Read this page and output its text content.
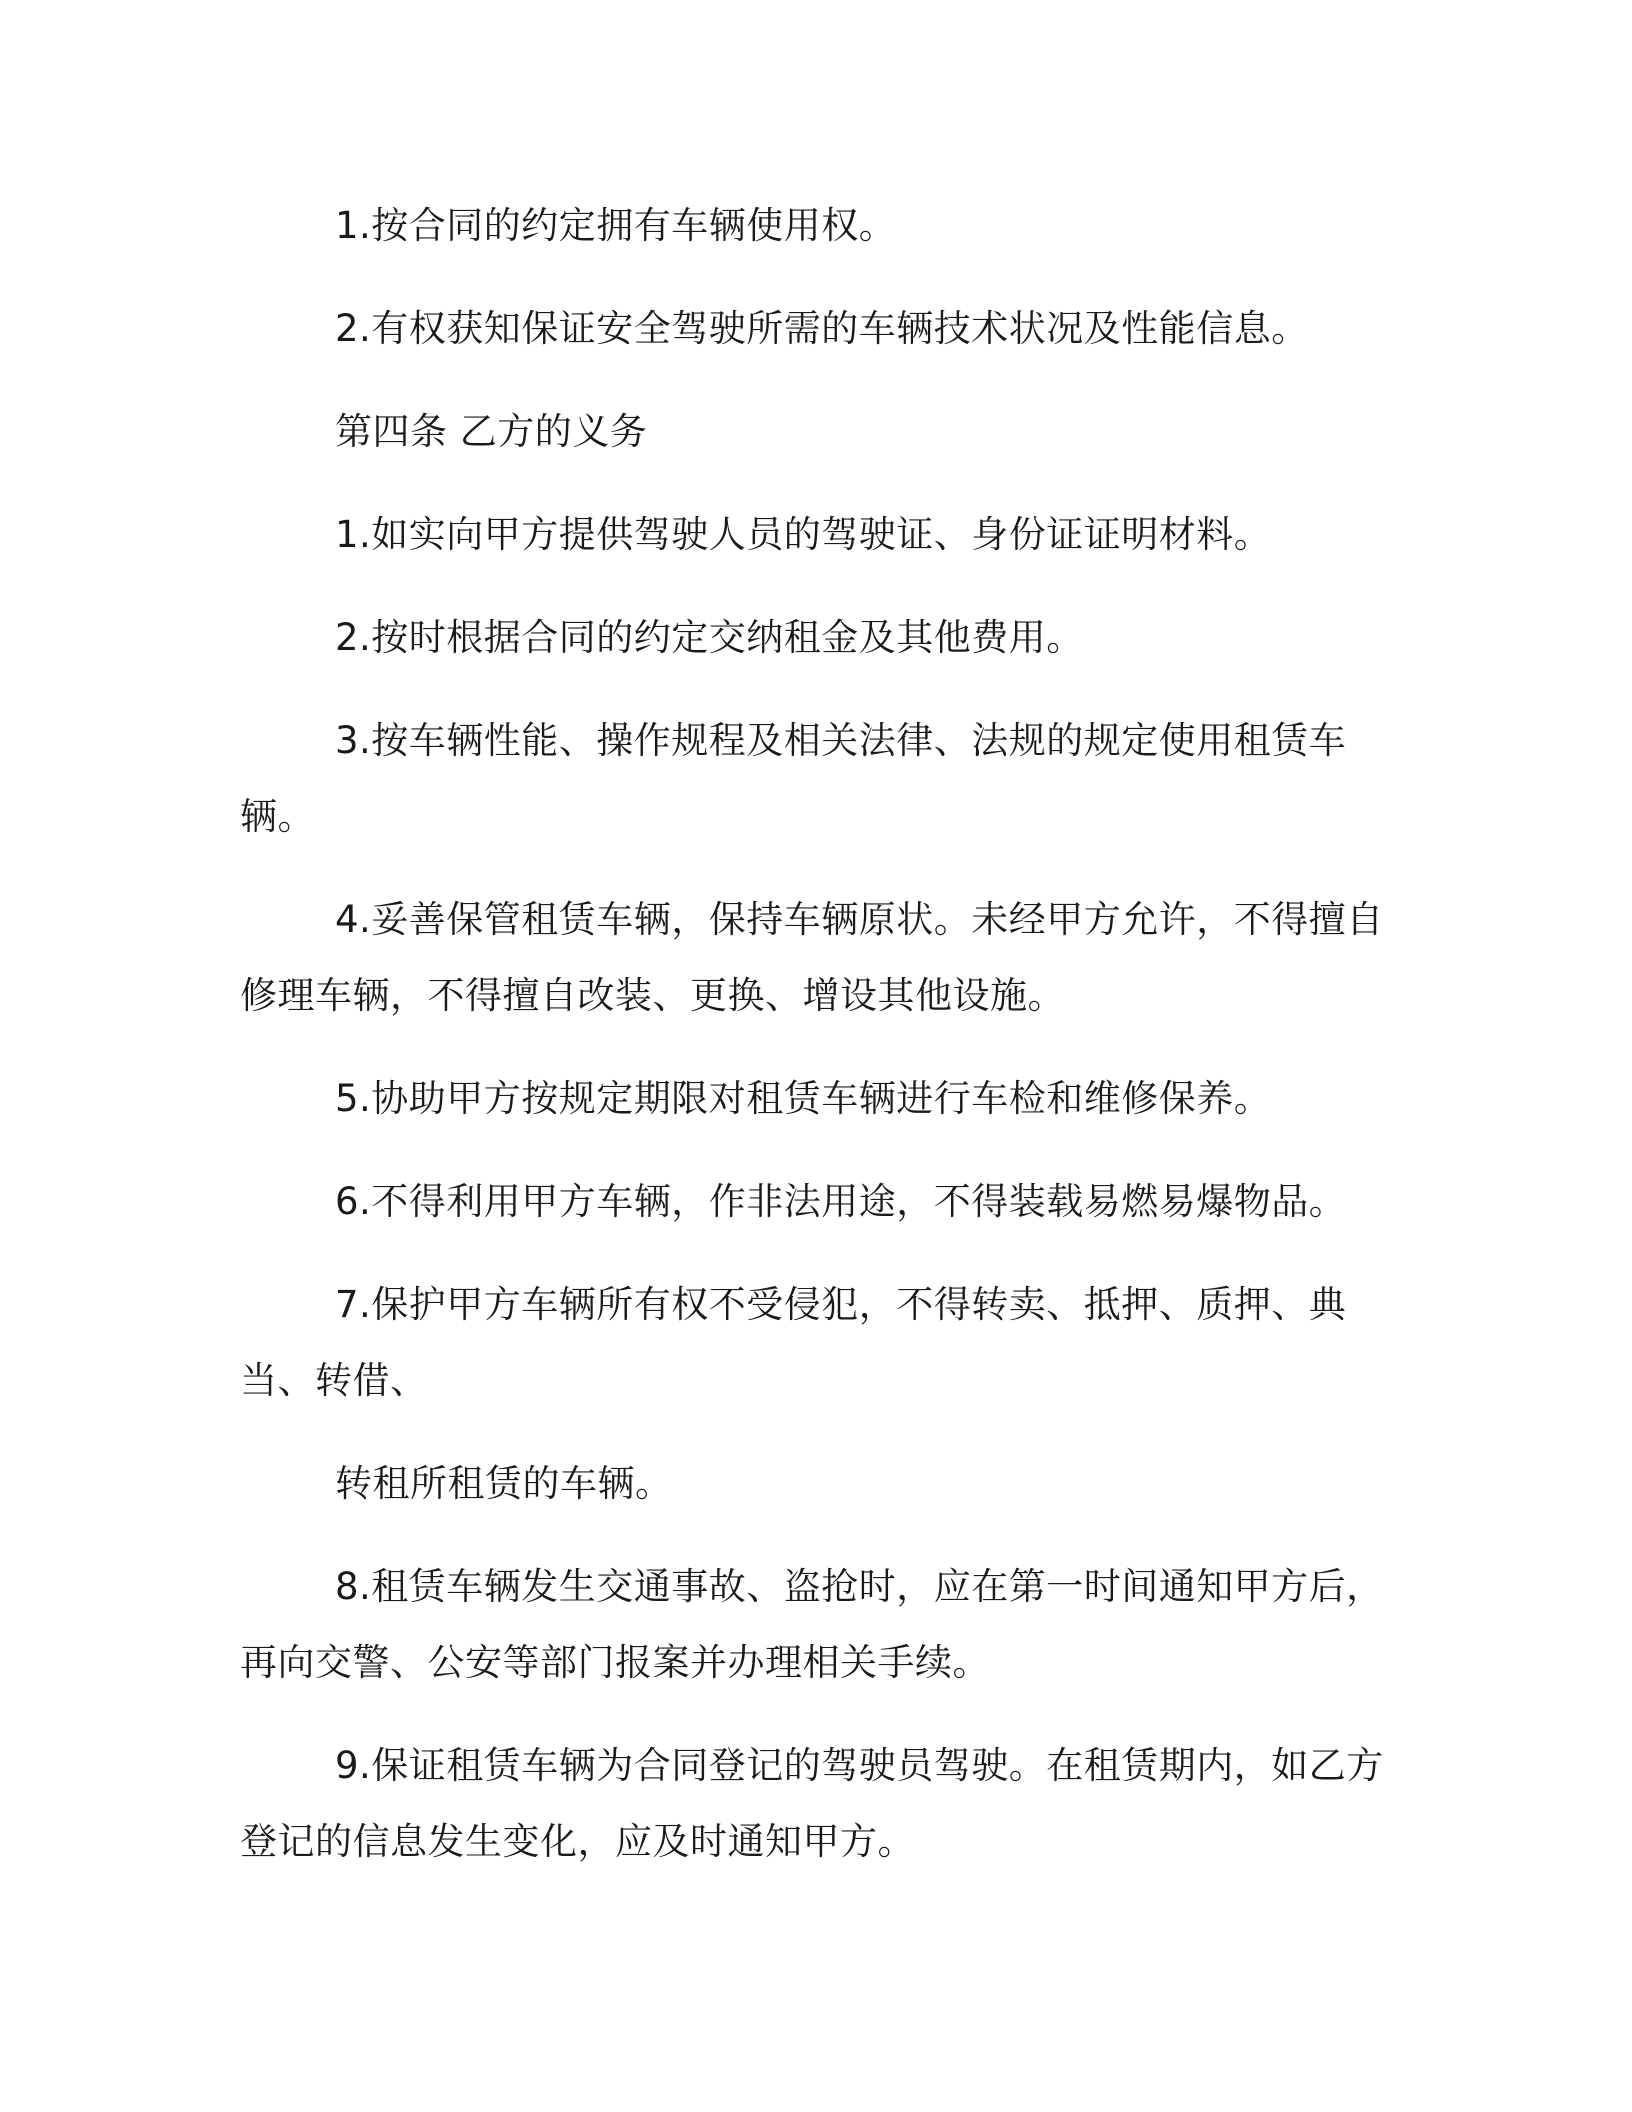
1.按合同的约定拥有车辆使用权。

2.有权获知保证安全驾驶所需的车辆技术状况及性能信息。

第四条 乙方的义务

1.如实向甲方提供驾驶人员的驾驶证、身份证证明材料。

2.按时根据合同的约定交纳租金及其他费用。

3.按车辆性能、操作规程及相关法律、法规的规定使用租赁车辆。

4.妥善保管租赁车辆，保持车辆原状。未经甲方允许，不得擅自修理车辆，不得擅自改装、更换、增设其他设施。

5.协助甲方按规定期限对租赁车辆进行车检和维修保养。

6.不得利用甲方车辆，作非法用途，不得装载易燃易爆物品。

7.保护甲方车辆所有权不受侵犯，不得转卖、抵押、质押、典当、转借、

转租所租赁的车辆。

8.租赁车辆发生交通事故、盗抢时，应在第一时间通知甲方后，再向交警、公安等部门报案并办理相关手续。

9.保证租赁车辆为合同登记的驾驶员驾驶。在租赁期内，如乙方登记的信息发生变化，应及时通知甲方。
